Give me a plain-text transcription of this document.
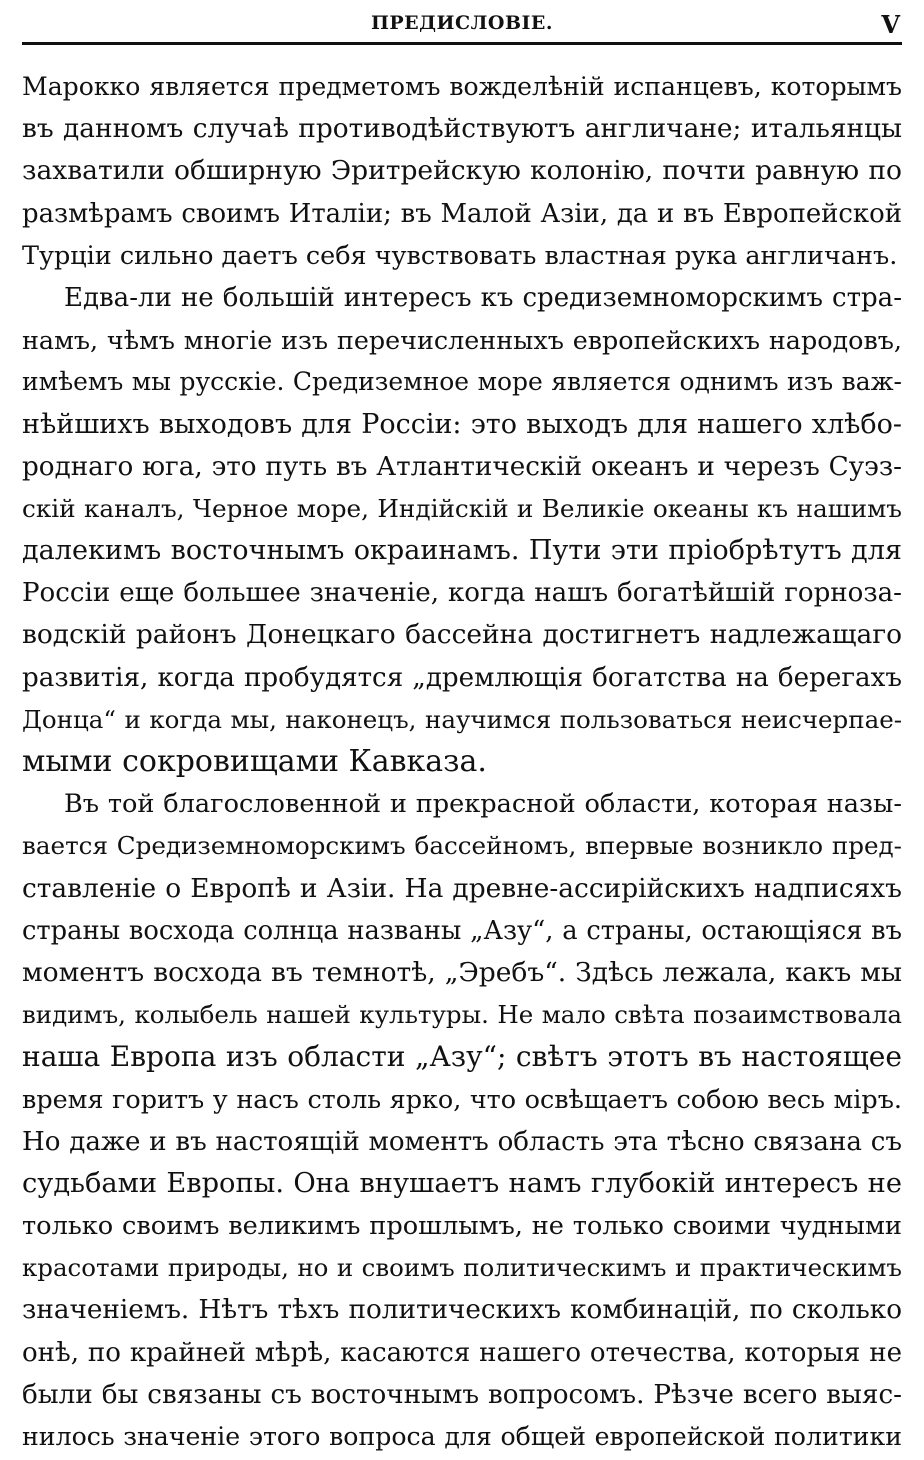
ПРЕДИСЛОВІЕ.	V
Марокко является предметомъ вожделѣній испанцевъ, которымъ
въ данномъ случаѣ противодѣйствуютъ англичане; итальянцы
захватили обширную Эритрейскую колонію, почти равную по
размѣрамъ своимъ Италіи; въ Малой Азіи, да и въ Европейской
Турціи сильно даетъ себя чувствовать властная рука англичанъ.
Едва-ли не большій интересъ къ средиземноморскимъ стра-
намъ, чѣмъ многіе изъ перечисленныхъ европейскихъ народовъ,
имѣемъ мы русскіе. Средиземное море является однимъ изъ важ-
нѣйшихъ выходовъ для Россіи: это выходъ для нашего хлѣбо-
роднаго юга, это путь въ Атлантическій океанъ и черезъ Суэз-
скій каналъ, Черное море, Индійскій и Великіе океаны къ нашимъ
далекимъ восточнымъ окраинамъ. Пути эти пріобрѣтутъ для
Россіи еще большее значеніе, когда нашъ богатѣйшій горноза-
водскій районъ Донецкаго бассейна достигнетъ надлежащаго
развитія, когда пробудятся „дремлющія богатства на берегахъ
Донца“ и когда мы, наконецъ, научимся пользоваться неисчерпае-
мыми сокровищами Кавказа.
Въ той благословенной и прекрасной области, которая назы-
вается Средиземноморскимъ бассейномъ, впервые возникло пред-
ставленіе о Европѣ и Азіи. На древне-ассирійскихъ надписяхъ
страны восхода солнца названы „Азу“, а страны, остающіяся въ
моментъ восхода въ темнотѣ, „Эребъ“. Здѣсь лежала, какъ мы
видимъ, колыбель нашей культуры. Не мало свѣта позаимствовала
наша Европа изъ области „Азу“; свѣтъ этотъ въ настоящее
время горитъ у насъ столь ярко, что освѣщаетъ собою весь міръ.
Но даже и въ настоящій моментъ область эта тѣсно связана съ
судьбами Европы. Она внушаетъ намъ глубокій интересъ не
только своимъ великимъ прошлымъ, не только своими чудными
красотами природы, но и своимъ политическимъ и практическимъ
значеніемъ. Нѣтъ тѣхъ политическихъ комбинацій, по сколько
онѣ, по крайней мѣрѣ, касаются нашего отечества, которыя не
были бы связаны съ восточнымъ вопросомъ. Рѣзче всего выяс-
нилось значеніе этого вопроса для общей европейской политики
